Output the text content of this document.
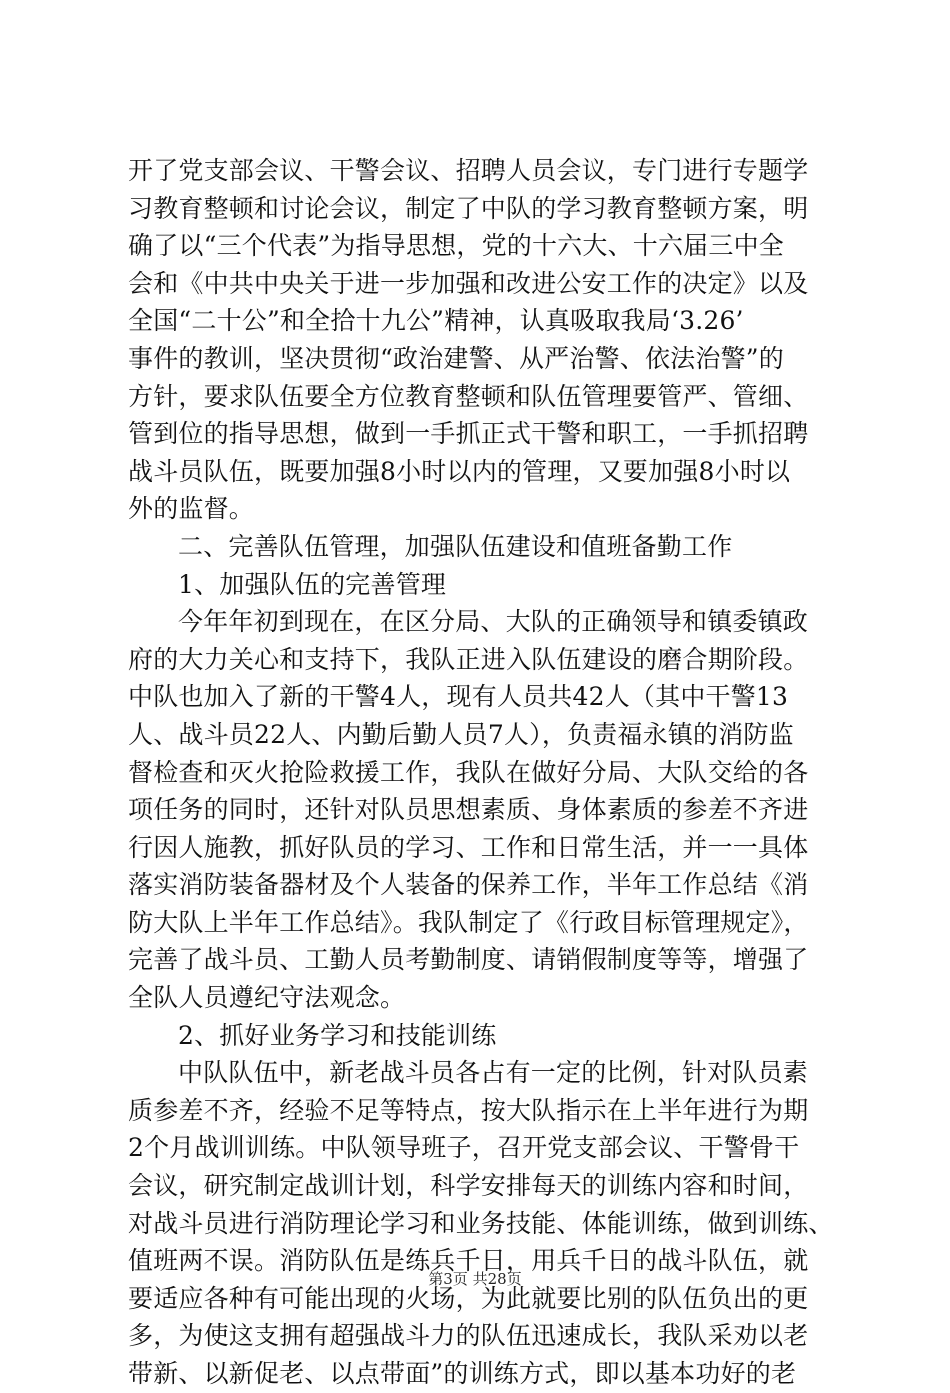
开了党支部会议、干警会议、招聘人员会议，专门进行专题学
习教育整顿和讨论会议，制定了中队的学习教育整顿方案，明
确了以“三个代表”为指导思想，党的十六大、十六届三中全
会和《中共中央关于进一步加强和改进公安工作的决定》以及
全国“二十公”和全拾十九公”精神，认真吸取我局‘3.26’
事件的教训，坚决贯彻“政治建警、从严治警、依法治警”的
方针，要求队伍要全方位教育整顿和队伍管理要管严、管细、
管到位的指导思想，做到一手抓正式干警和职工，一手抓招聘
战斗员队伍，既要加强8小时以内的管理，又要加强8小时以
外的监督。
二、完善队伍管理，加强队伍建设和值班备勤工作
1、加强队伍的完善管理
今年年初到现在，在区分局、大队的正确领导和镇委镇政
府的大力关心和支持下，我队正进入队伍建设的磨合期阶段。
中队也加入了新的干警4人，现有人员共42人（其中干警13
人、战斗员22人、内勤后勤人员7人），负责福永镇的消防监
督检查和灭火抢险救援工作，我队在做好分局、大队交给的各
项任务的同时，还针对队员思想素质、身体素质的参差不齐进
行因人施教，抓好队员的学习、工作和日常生活，并一一具体
落实消防装备器材及个人装备的保养工作，半年工作总结《消
防大队上半年工作总结》。我队制定了《行政目标管理规定》，
完善了战斗员、工勤人员考勤制度、请销假制度等等，增强了
全队人员遵纪守法观念。
2、抓好业务学习和技能训练
中队队伍中，新老战斗员各占有一定的比例，针对队员素
质参差不齐，经验不足等特点，按大队指示在上半年进行为期
2个月战训训练。中队领导班子，召开党支部会议、干警骨干
会议，研究制定战训计划，科学安排每天的训练内容和时间，
对战斗员进行消防理论学习和业务技能、体能训练，做到训练、
值班两不误。消防队伍是练兵千日，用兵千日的战斗队伍，就
要适应各种有可能出现的火场，为此就要比别的队伍负出的更
多，为使这支拥有超强战斗力的队伍迅速成长，我队采劝以老
带新、以新促老、以点带面”的训练方式，即以基本功好的老
第3页 共28页
